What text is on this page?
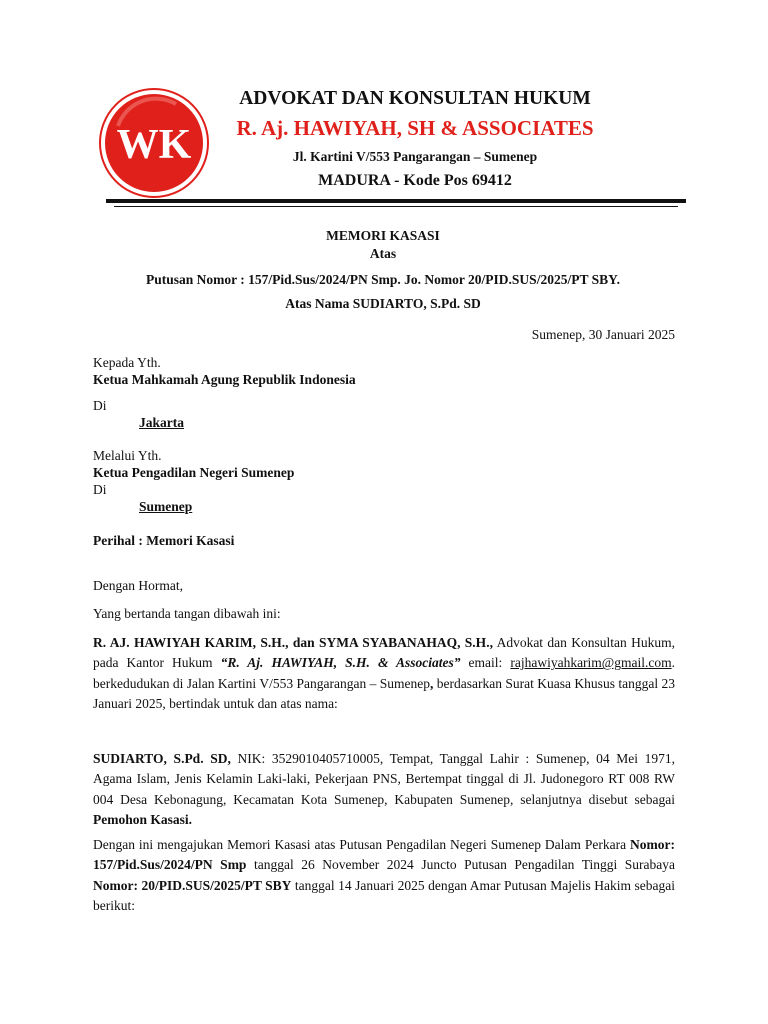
WK
ADVOKAT DAN KONSULTAN HUKUM
R. Aj. HAWIYAH, SH & ASSOCIATES
Jl. Kartini V/553 Pangarangan – Sumenep
MADURA - Kode Pos 69412
MEMORI KASASI
Atas
Putusan Nomor : 157/Pid.Sus/2024/PN Smp. Jo. Nomor 20/PID.SUS/2025/PT SBY.
Atas Nama SUDIARTO, S.Pd. SD
Sumenep, 30 Januari 2025
Kepada Yth.
Ketua Mahkamah Agung Republik Indonesia
Di
Jakarta
Melalui Yth.
Ketua Pengadilan Negeri Sumenep
Di
Sumenep
Perihal : Memori Kasasi
Dengan Hormat,
Yang bertanda tangan dibawah ini:
R. AJ. HAWIYAH KARIM, S.H., dan SYMA SYABANAHAQ, S.H., Advokat dan Konsultan Hukum, pada Kantor Hukum “R. Aj. HAWIYAH, S.H. & Associates” email: rajhawiyahkarim@gmail.com. berkedudukan di Jalan Kartini V/553 Pangarangan – Sumenep, berdasarkan Surat Kuasa Khusus tanggal 23 Januari 2025, bertindak untuk dan atas nama:
SUDIARTO, S.Pd. SD, NIK: 3529010405710005, Tempat, Tanggal Lahir : Sumenep, 04 Mei 1971, Agama Islam, Jenis Kelamin Laki-laki, Pekerjaan PNS, Bertempat tinggal di Jl. Judonegoro RT 008 RW 004 Desa Kebonagung, Kecamatan Kota Sumenep, Kabupaten Sumenep, selanjutnya disebut sebagai Pemohon Kasasi.
Dengan ini mengajukan Memori Kasasi atas Putusan Pengadilan Negeri Sumenep Dalam Perkara Nomor: 157/Pid.Sus/2024/PN Smp tanggal 26 November 2024 Juncto Putusan Pengadilan Tinggi Surabaya Nomor: 20/PID.SUS/2025/PT SBY tanggal 14 Januari 2025 dengan Amar Putusan Majelis Hakim sebagai berikut:
